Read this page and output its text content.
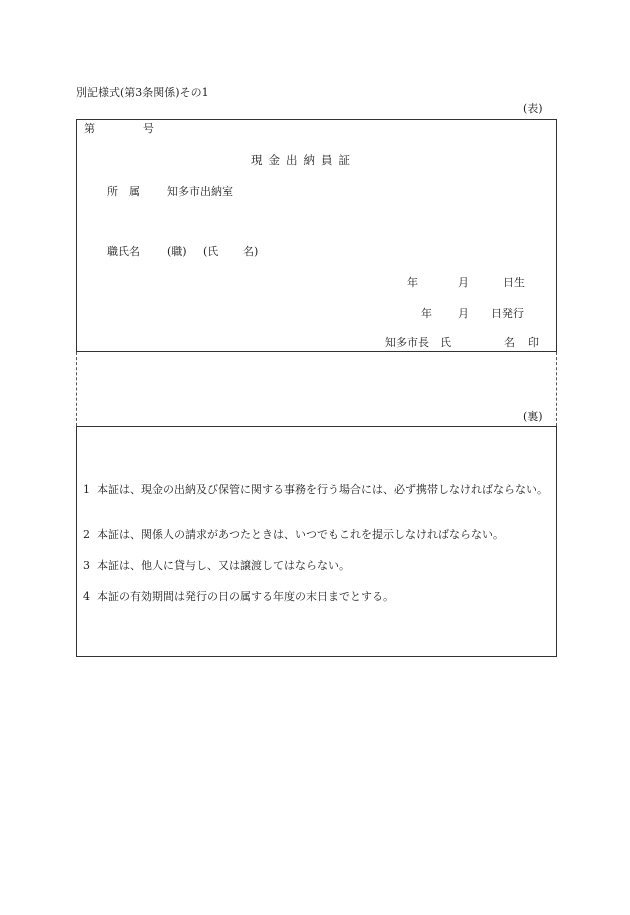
別記様式(第3条関係)その1
(表)
第	号
現金出納員証
所　属 知多市出納室
職氏名 (職) (氏 名)
年	月	日生
年 月 日発行
知多市長　氏	名 印
(裏)
1 本証は、現金の出納及び保管に関する事務を行う場合には、必ず携帯しなければならない。
2 本証は、関係人の請求があつたときは、いつでもこれを提示しなければならない。
3 本証は、他人に貸与し、又は譲渡してはならない。
4 本証の有効期間は発行の日の属する年度の末日までとする。
